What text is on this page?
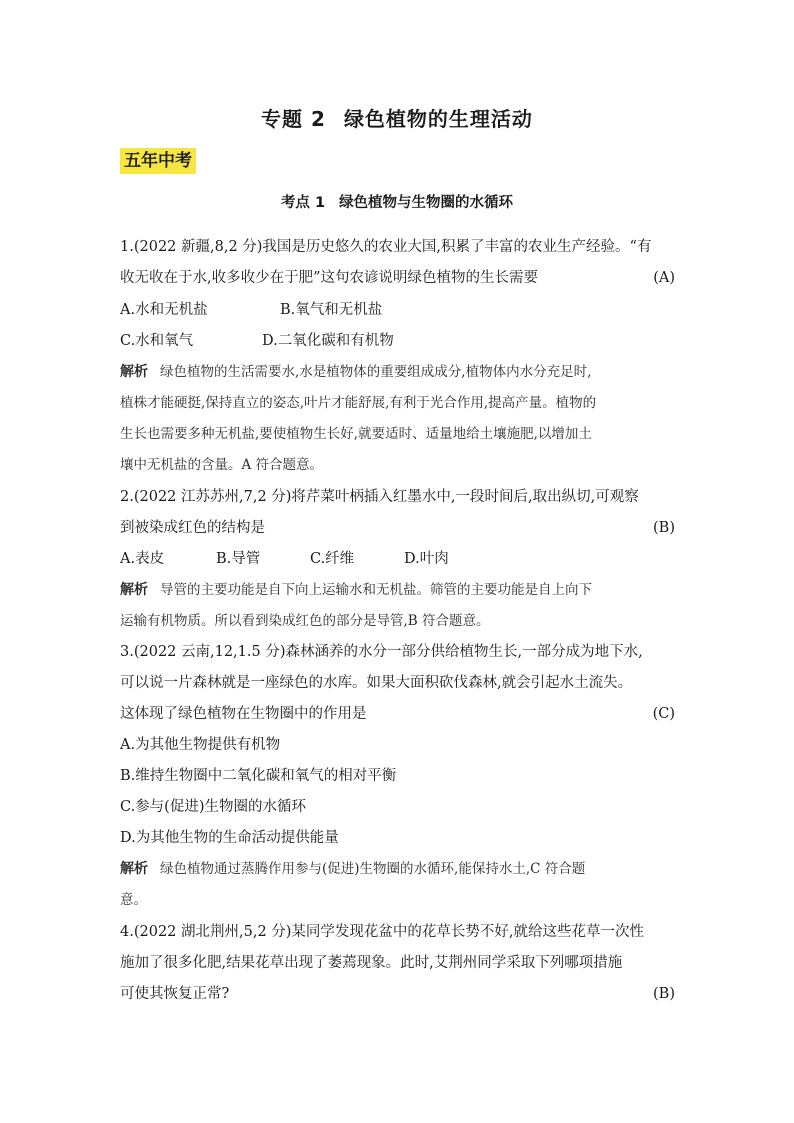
专题 2 绿色植物的生理活动
五年中考
考点 1 绿色植物与生物圈的水循环
1.(2022 新疆,8,2 分)我国是历史悠久的农业大国,积累了丰富的农业生产经验。“有
收无收在于水,收多收少在于肥”这句农谚说明绿色植物的生长需要	(A)
A.水和无机盐	B.氧气和无机盐
C.水和氧气	D.二氧化碳和有机物
解析 绿色植物的生活需要水,水是植物体的重要组成成分,植物体内水分充足时,
植株才能硬挺,保持直立的姿态,叶片才能舒展,有利于光合作用,提高产量。植物的
生长也需要多种无机盐,要使植物生长好,就要适时、适量地给土壤施肥,以增加土
壤中无机盐的含量。A 符合题意。
2.(2022 江苏苏州,7,2 分)将芹菜叶柄插入红墨水中,一段时间后,取出纵切,可观察
到被染成红色的结构是	(B)
A.表皮	B.导管	C.纤维	D.叶肉
解析 导管的主要功能是自下向上运输水和无机盐。筛管的主要功能是自上向下
运输有机物质。所以看到染成红色的部分是导管,B 符合题意。
3.(2022 云南,12,1.5 分)森林涵养的水分一部分供给植物生长,一部分成为地下水,
可以说一片森林就是一座绿色的水库。如果大面积砍伐森林,就会引起水土流失。
这体现了绿色植物在生物圈中的作用是	(C)
A.为其他生物提供有机物
B.维持生物圈中二氧化碳和氧气的相对平衡
C.参与(促进)生物圈的水循环
D.为其他生物的生命活动提供能量
解析 绿色植物通过蒸腾作用参与(促进)生物圈的水循环,能保持水土,C 符合题
意。
4.(2022 湖北荆州,5,2 分)某同学发现花盆中的花草长势不好,就给这些花草一次性
施加了很多化肥,结果花草出现了萎蔫现象。此时,艾荆州同学采取下列哪项措施
可使其恢复正常?	(B)
